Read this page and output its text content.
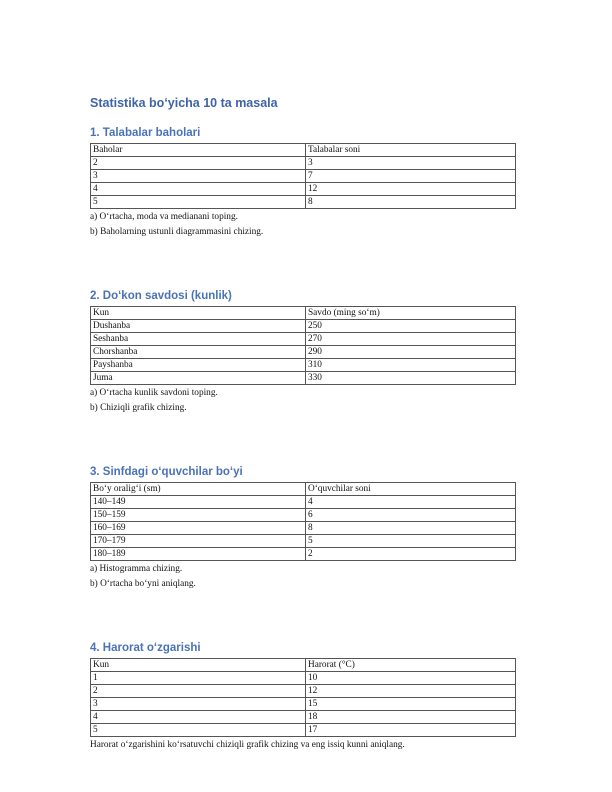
Statistika bo‘yicha 10 ta masala
1. Talabalar baholari
Baholar	Talabalar soni
2	3
3	7
4	12
5	8
a) O‘rtacha, moda va medianani toping.
b) Baholarning ustunli diagrammasini chizing.
2. Do‘kon savdosi (kunlik)
Kun	Savdo (ming so‘m)
Dushanba	250
Seshanba	270
Chorshanba	290
Payshanba	310
Juma	330
a) O‘rtacha kunlik savdoni toping.
b) Chiziqli grafik chizing.
3. Sinfdagi o‘quvchilar bo‘yi
Bo‘y oralig‘i (sm)	O‘quvchilar soni
140–149	4
150–159	6
160–169	8
170–179	5
180–189	2
a) Histogramma chizing.
b) O‘rtacha bo‘yni aniqlang.
4. Harorat o‘zgarishi
Kun	Harorat (°C)
1	10
2	12
3	15
4	18
5	17
Harorat o‘zgarishini ko‘rsatuvchi chiziqli grafik chizing va eng issiq kunni aniqlang.
